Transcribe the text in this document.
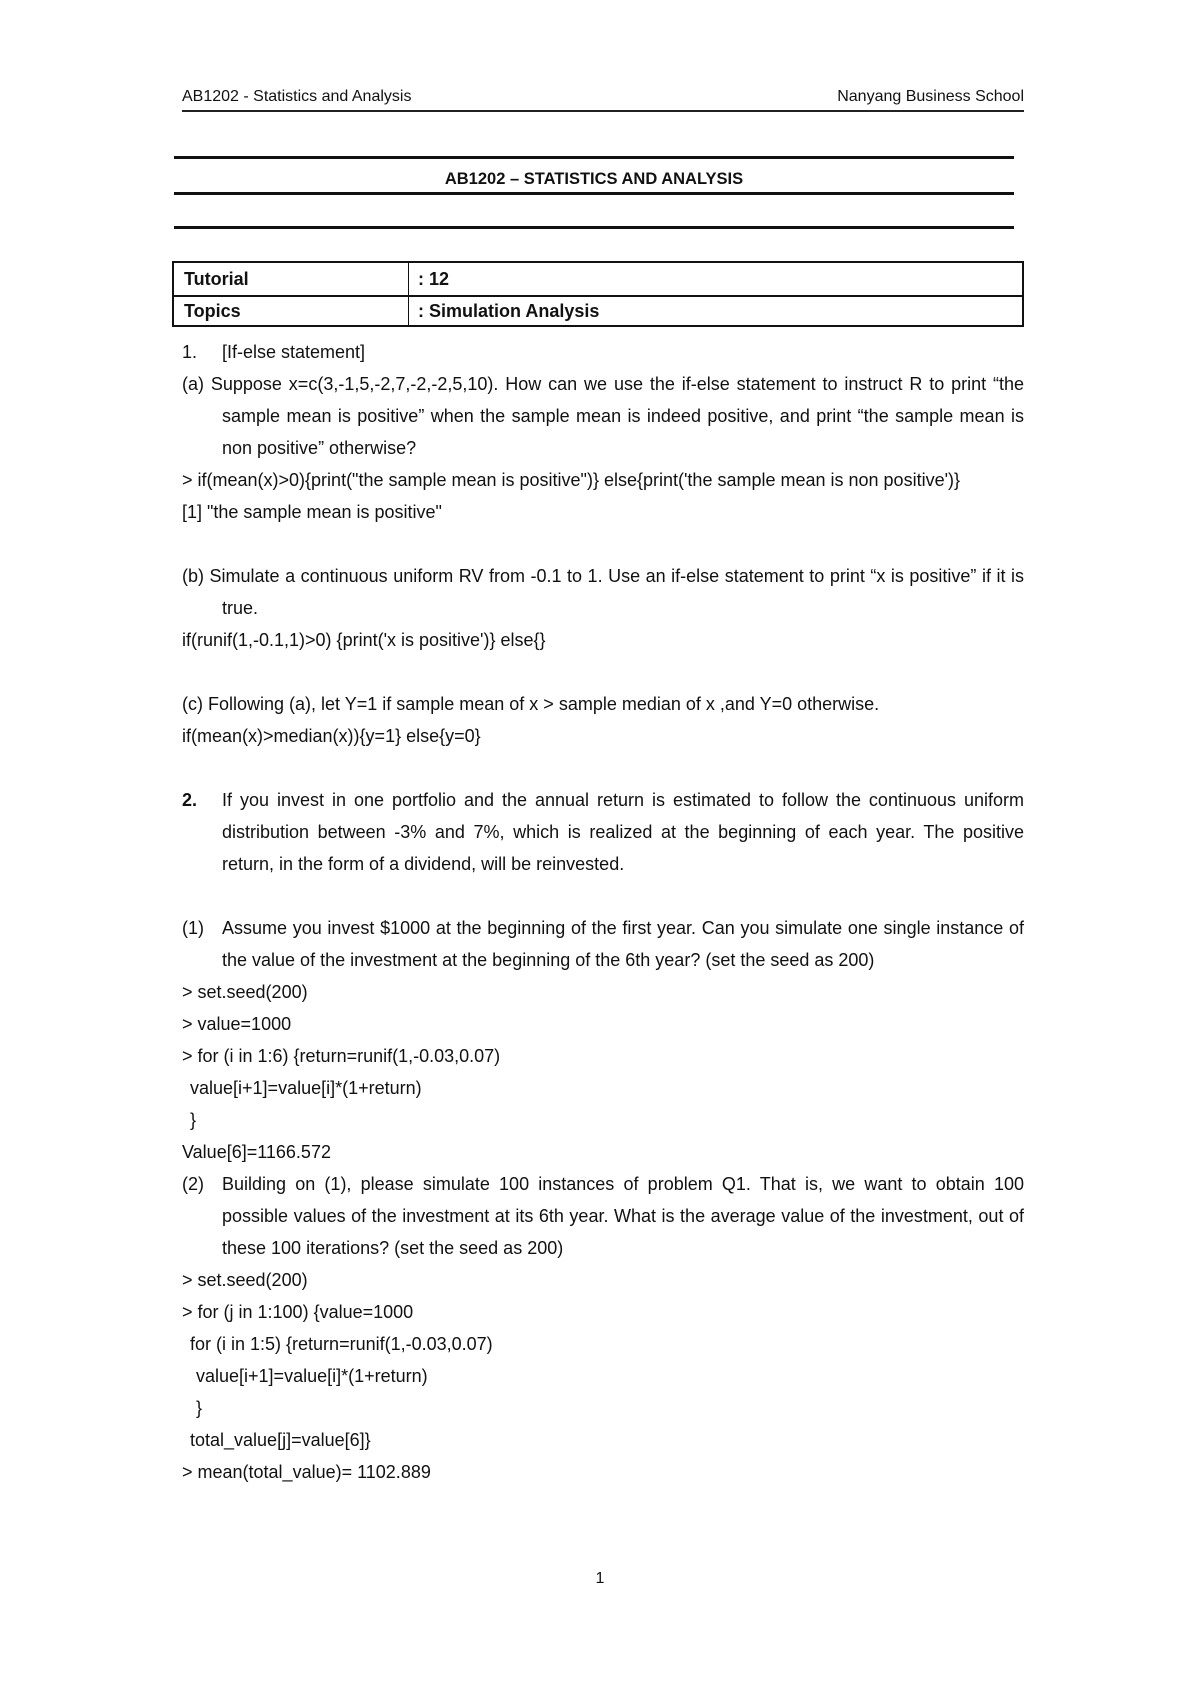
AB1202 - Statistics and Analysis	Nanyang Business School
AB1202 – STATISTICS AND ANALYSIS
Tutorial	: 12
Topics	: Simulation Analysis
1. [If-else statement]

(a) Suppose x=c(3,-1,5,-2,7,-2,-2,5,10). How can we use the if-else statement to instruct R to print “the sample mean is positive” when the sample mean is indeed positive, and print “the sample mean is non positive” otherwise?

> if(mean(x)>0){print("the sample mean is positive")} else{print('the sample mean is non positive')}

[1] "the sample mean is positive"

(b) Simulate a continuous uniform RV from -0.1 to 1. Use an if-else statement to print “x is positive” if it is true.

if(runif(1,-0.1,1)>0) {print('x is positive')} else{}
(c) Following (a), let Y=1 if sample mean of x > sample median of x ,and Y=0 otherwise.
if(mean(x)>median(x)){y=1} else{y=0}

2. If you invest in one portfolio and the annual return is estimated to follow the continuous uniform distribution between -3% and 7%, which is realized at the beginning of each year. The positive return, in the form of a dividend, will be reinvested.

(1) Assume you invest $1000 at the beginning of the first year. Can you simulate one single instance of the value of the investment at the beginning of the 6th year? (set the seed as 200)

> set.seed(200)
> value=1000
> for (i in 1:6) {return=runif(1,-0.03,0.07)
value[i+1]=value[i]*(1+return)
}
Value[6]=1166.572

(2) Building on (1), please simulate 100 instances of problem Q1. That is, we want to obtain 100 possible values of the investment at its 6th year. What is the average value of the investment, out of these 100 iterations? (set the seed as 200)

> set.seed(200)
> for (j in 1:100) {value=1000
for (i in 1:5) {return=runif(1,-0.03,0.07)
value[i+1]=value[i]*(1+return)
}
total_value[j]=value[6]}
> mean(total_value)= 1102.889
1
